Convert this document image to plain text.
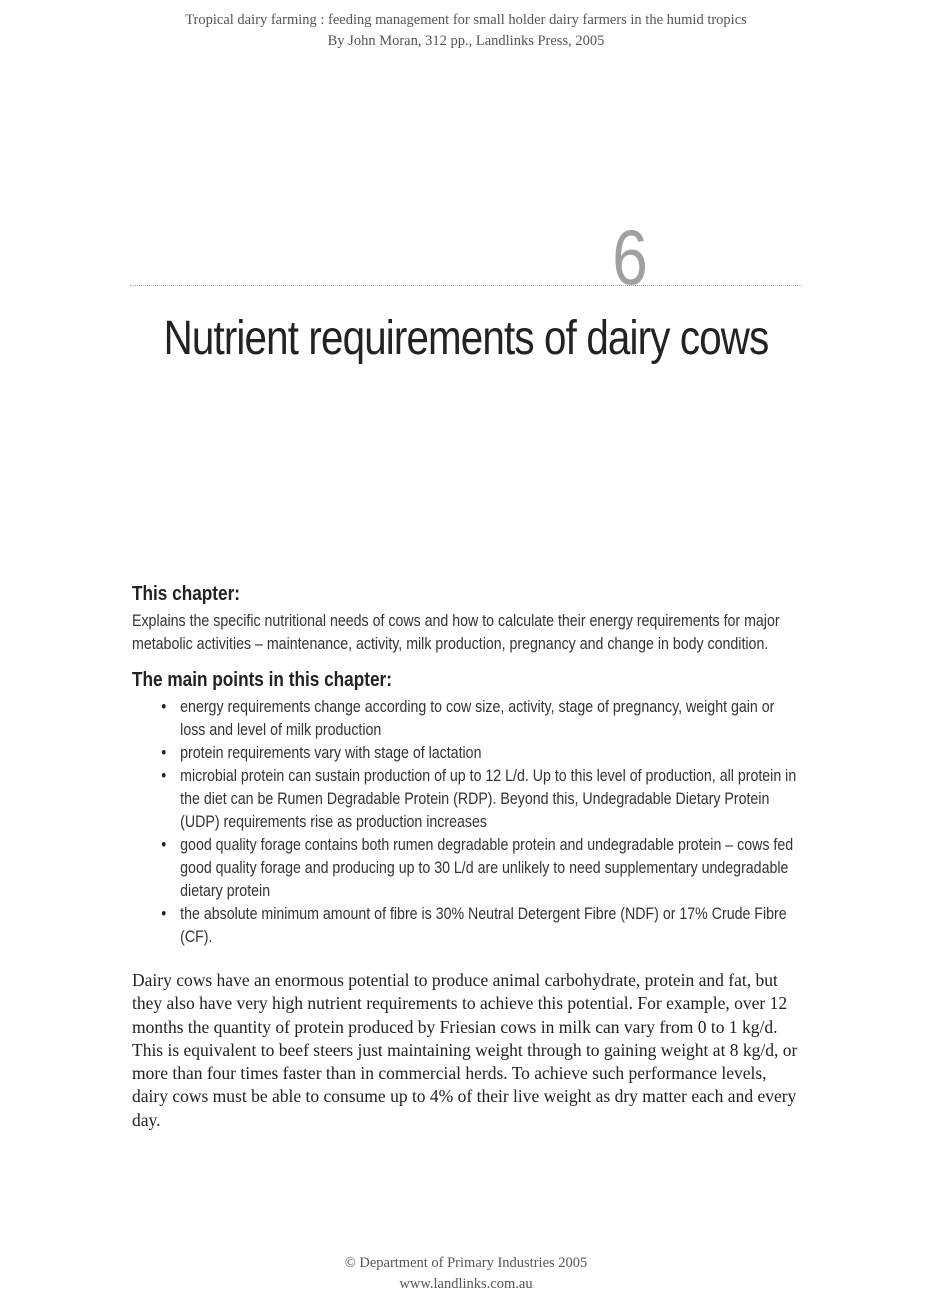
Tropical dairy farming : feeding management for small holder dairy farmers in the humid tropics
By John Moran, 312 pp., Landlinks Press, 2005
6
Nutrient requirements of dairy cows
This chapter:

Explains the specific nutritional needs of cows and how to calculate their energy requirements for major metabolic activities – maintenance, activity, milk production, pregnancy and change in body condition.

The main points in this chapter:
• energy requirements change according to cow size, activity, stage of pregnancy, weight gain or loss and level of milk production
• protein requirements vary with stage of lactation
• microbial protein can sustain production of up to 12 L/d. Up to this level of production, all protein in the diet can be Rumen Degradable Protein (RDP). Beyond this, Undegradable Dietary Protein (UDP) requirements rise as production increases
• good quality forage contains both rumen degradable protein and undegradable protein – cows fed good quality forage and producing up to 30 L/d are unlikely to need supplementary undegradable dietary protein
• the absolute minimum amount of fibre is 30% Neutral Detergent Fibre (NDF) or 17% Crude Fibre (CF).

Dairy cows have an enormous potential to produce animal carbohydrate, protein and fat, but they also have very high nutrient requirements to achieve this potential. For example, over 12 months the quantity of protein produced by Friesian cows in milk can vary from 0 to 1 kg/d. This is equivalent to beef steers just maintaining weight through to gaining weight at 8 kg/d, or more than four times faster than in commercial herds. To achieve such performance levels, dairy cows must be able to consume up to 4% of their live weight as dry matter each and every day.

© Department of Primary Industries 2005
www.landlinks.com.au
